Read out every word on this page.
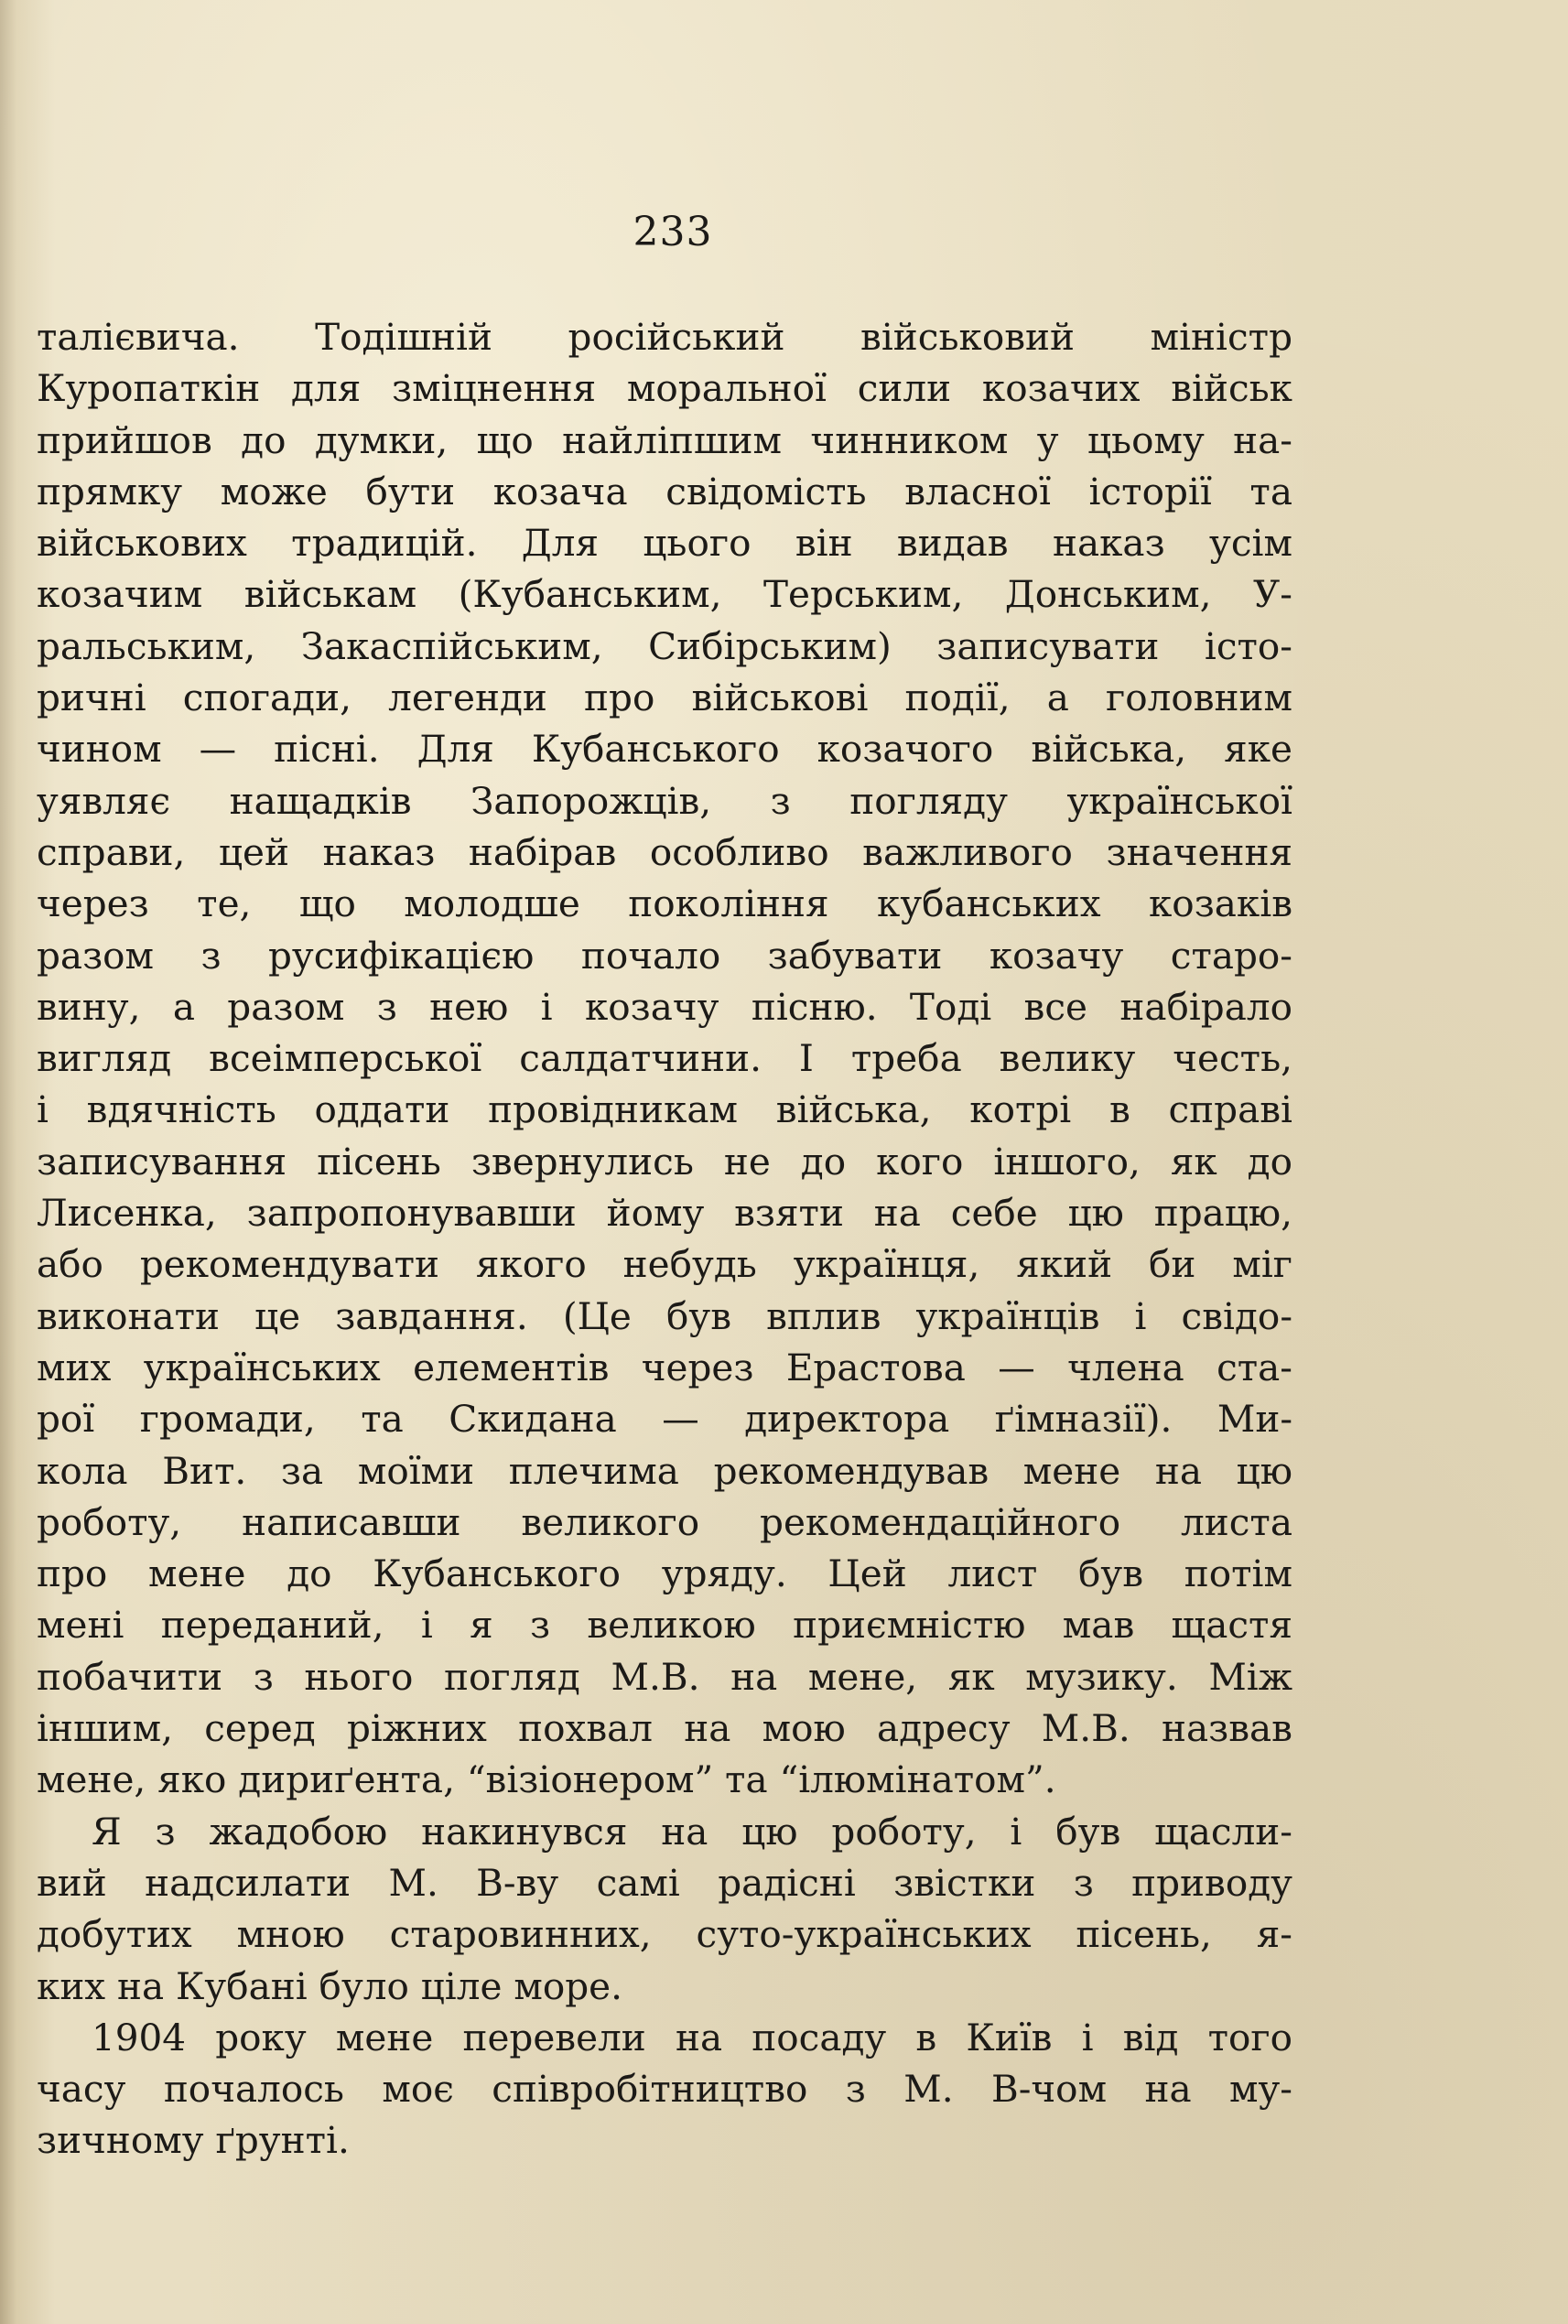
233
талієвича. Тодішній російський військовий міністр
Куропаткін для зміцнення моральної сили козачих військ
прийшов до думки, що найліпшим чинником у цьому на-
прямку може бути козача свідомість власної історії та
військових традицій. Для цього він видав наказ усім
козачим військам (Кубанським, Терським, Донським, У-
ральським, Закаспійським, Сибірським) записувати істо-
ричні спогади, легенди про військові події, а головним
чином — пісні. Для Кубанського козачого війська, яке
уявляє нащадків Запорожців, з погляду української
справи, цей наказ набірав особливо важливого значення
через те, що молодше покоління кубанських козаків
разом з русифікацією почало забувати козачу старо-
вину, а разом з нею і козачу пісню. Тоді все набірало
вигляд всеімперської салдатчини. І треба велику честь,
і вдячність оддати провідникам війська, котрі в справі
записування пісень звернулись не до кого іншого, як до
Лисенка, запропонувавши йому взяти на себе цю працю,
або рекомендувати якого небудь українця, який би міг
виконати це завдання. (Це був вплив українців і свідо-
мих українських елементів через Ерастова — члена ста-
рої громади, та Скидана — директора ґімназії). Ми-
кола Вит. за моїми плечима рекомендував мене на цю
роботу, написавши великого рекомендаційного листа
про мене до Кубанського уряду. Цей лист був потім
мені переданий, і я з великою приємністю мав щастя
побачити з нього погляд М.В. на мене, як музику. Між
іншим, серед ріжних похвал на мою адресу М.В. назвав
мене, яко дириґента, “візіонером” та “ілюмінатом”.
Я з жадобою накинувся на цю роботу, і був щасли-
вий надсилати М. В-ву самі радісні звістки з приводу
добутих мною старовинних, суто-українських пісень, я-
ких на Кубані було ціле море.
1904 року мене перевели на посаду в Київ і від того
часу почалось моє співробітництво з М. В-чом на му-
зичному ґрунті.
